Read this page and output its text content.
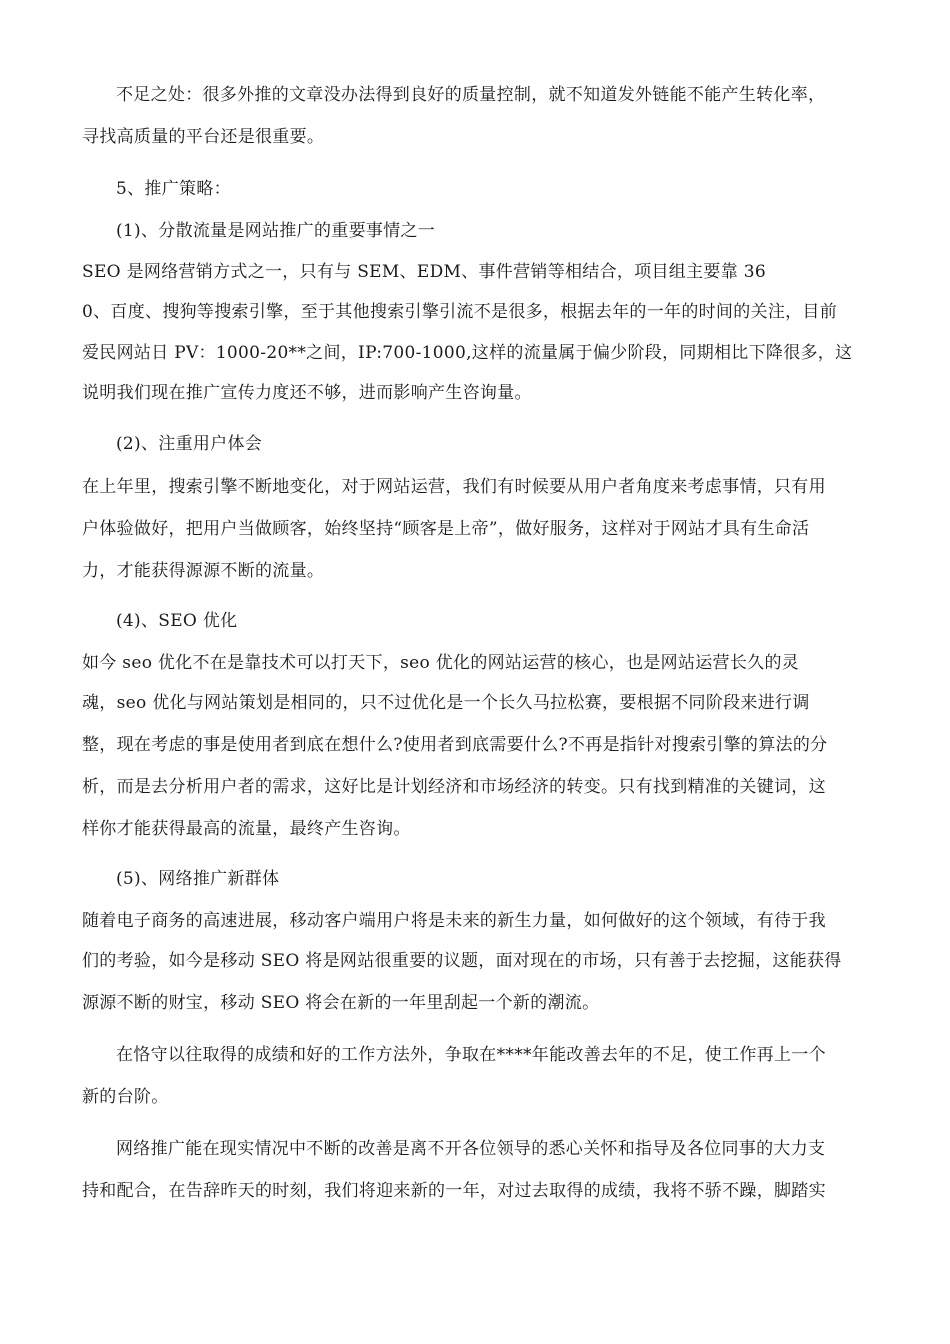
不足之处：很多外推的文章没办法得到良好的质量控制，就不知道发外链能不能产生转化率，
寻找高质量的平台还是很重要。
5、推广策略：
(1)、分散流量是网站推广的重要事情之一
SEO 是网络营销方式之一，只有与 SEM、EDM、事件营销等相结合，项目组主要靠 36
0、百度、搜狗等搜索引擎，至于其他搜索引擎引流不是很多，根据去年的一年的时间的关注，目前
爱民网站日 PV：1000-20**之间，IP:700-1000,这样的流量属于偏少阶段，同期相比下降很多，这
说明我们现在推广宣传力度还不够，进而影响产生咨询量。
(2)、注重用户体会
在上年里，搜索引擎不断地变化，对于网站运营，我们有时候要从用户者角度来考虑事情，只有用
户体验做好，把用户当做顾客，始终坚持“顾客是上帝”，做好服务，这样对于网站才具有生命活
力，才能获得源源不断的流量。
(4)、SEO 优化
如今 seo 优化不在是靠技术可以打天下，seo 优化的网站运营的核心，也是网站运营长久的灵
魂，seo 优化与网站策划是相同的，只不过优化是一个长久马拉松赛，要根据不同阶段来进行调
整，现在考虑的事是使用者到底在想什么?使用者到底需要什么?不再是指针对搜索引擎的算法的分
析，而是去分析用户者的需求，这好比是计划经济和市场经济的转变。只有找到精准的关键词，这
样你才能获得最高的流量，最终产生咨询。
(5)、网络推广新群体
随着电子商务的高速进展，移动客户端用户将是未来的新生力量，如何做好的这个领域，有待于我
们的考验，如今是移动 SEO 将是网站很重要的议题，面对现在的市场，只有善于去挖掘，这能获得
源源不断的财宝，移动 SEO 将会在新的一年里刮起一个新的潮流。
在恪守以往取得的成绩和好的工作方法外，争取在****年能改善去年的不足，使工作再上一个
新的台阶。
网络推广能在现实情况中不断的改善是离不开各位领导的悉心关怀和指导及各位同事的大力支
持和配合，在告辞昨天的时刻，我们将迎来新的一年，对过去取得的成绩，我将不骄不躁，脚踏实
